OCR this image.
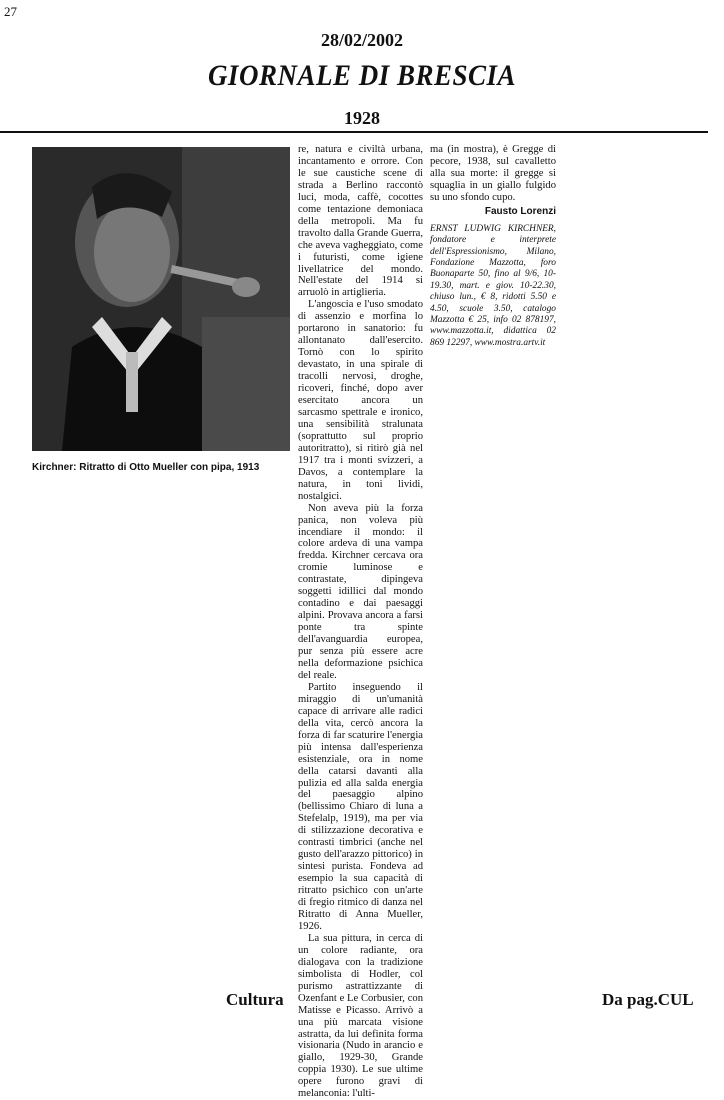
27
28/02/2002
GIORNALE DI BRESCIA
1928
Kirchner: Ritratto di Otto Mueller con pipa, 1913

re, natura e civiltà urbana, incantamento e orrore. Con le sue caustiche scene di strada a Berlino raccontò luci, moda, caffè, cocottes come tentazione demoniaca della metropoli. Ma fu travolto dalla Grande Guerra, che aveva vagheggiato, come i futuristi, come igiene livellatrice del mondo. Nell'estate del 1914 si arruolò in artiglieria.

L'angoscia e l'uso smodato di assenzio e morfina lo portarono in sanatorio: fu allontanato dall'esercito. Tornò con lo spirito devastato, in una spirale di tracolli nervosi, droghe, ricoveri, finché, dopo aver esercitato ancora un sarcasmo spettrale e ironico, una sensibilità stralunata (soprattutto sul proprio autoritratto), si ritirò già nel 1917 tra i monti svizzeri, a Davos, a contemplare la natura, in toni lividi, nostalgici.

Non aveva più la forza panica, non voleva più incendiare il mondo: il colore ardeva di una vampa fredda. Kirchner cercava ora cromie luminose e contrastate, dipingeva soggetti idillici dal mondo contadino e dai paesaggi alpini. Provava ancora a farsi ponte tra spinte dell'avanguardia europea, pur senza più essere acre nella deformazione psichica del reale.

Partito inseguendo il miraggio di un'umanità capace di arrivare alle radici della vita, cercò ancora la forza di far scaturire l'energia più intensa dall'esperienza esistenziale, ora in nome della catarsi davanti alla pulizia ed alla salda energia del paesaggio alpino (bellissimo Chiaro di luna a Stefelalp, 1919), ma per via di stilizzazione decorativa e contrasti timbrici (anche nel gusto dell'arazzo pittorico) in sintesi purista. Fondeva ad esempio la sua capacità di ritratto psichico con un'arte di fregio ritmico di danza nel Ritratto di Anna Mueller, 1926.

La sua pittura, in cerca di un colore radiante, ora dialogava con la tradizione simbolista di Hodler, col purismo astrattizzante di Ozenfant e Le Corbusier, con Matisse e Picasso. Arrivò a una più marcata visione astratta, da lui definita forma visionaria (Nudo in arancio e giallo, 1929-30, Grande coppia 1930). Le sue ultime opere furono gravi di melanconia: l'ulti-

ma (in mostra), è Gregge di pecore, 1938, sul cavalletto alla sua morte: il gregge si squaglia in un giallo fulgido su uno sfondo cupo.

Fausto Lorenzi
ERNST LUDWIG KIRCHNER, fondatore e interprete dell'Espressionismo, Milano, Fondazione Mazzotta, foro Buonaparte 50, fino al 9/6, 10-19.30, mart. e giov. 10-22.30, chiuso lun., € 8, ridotti 5.50 e 4.50, scuole 3.50, catalogo Mazzotta € 25, info 02 878197, www.mazzotta.it, didattica 02 869 12297, www.mostra.artv.it
Cultura	Da pag.CUL
